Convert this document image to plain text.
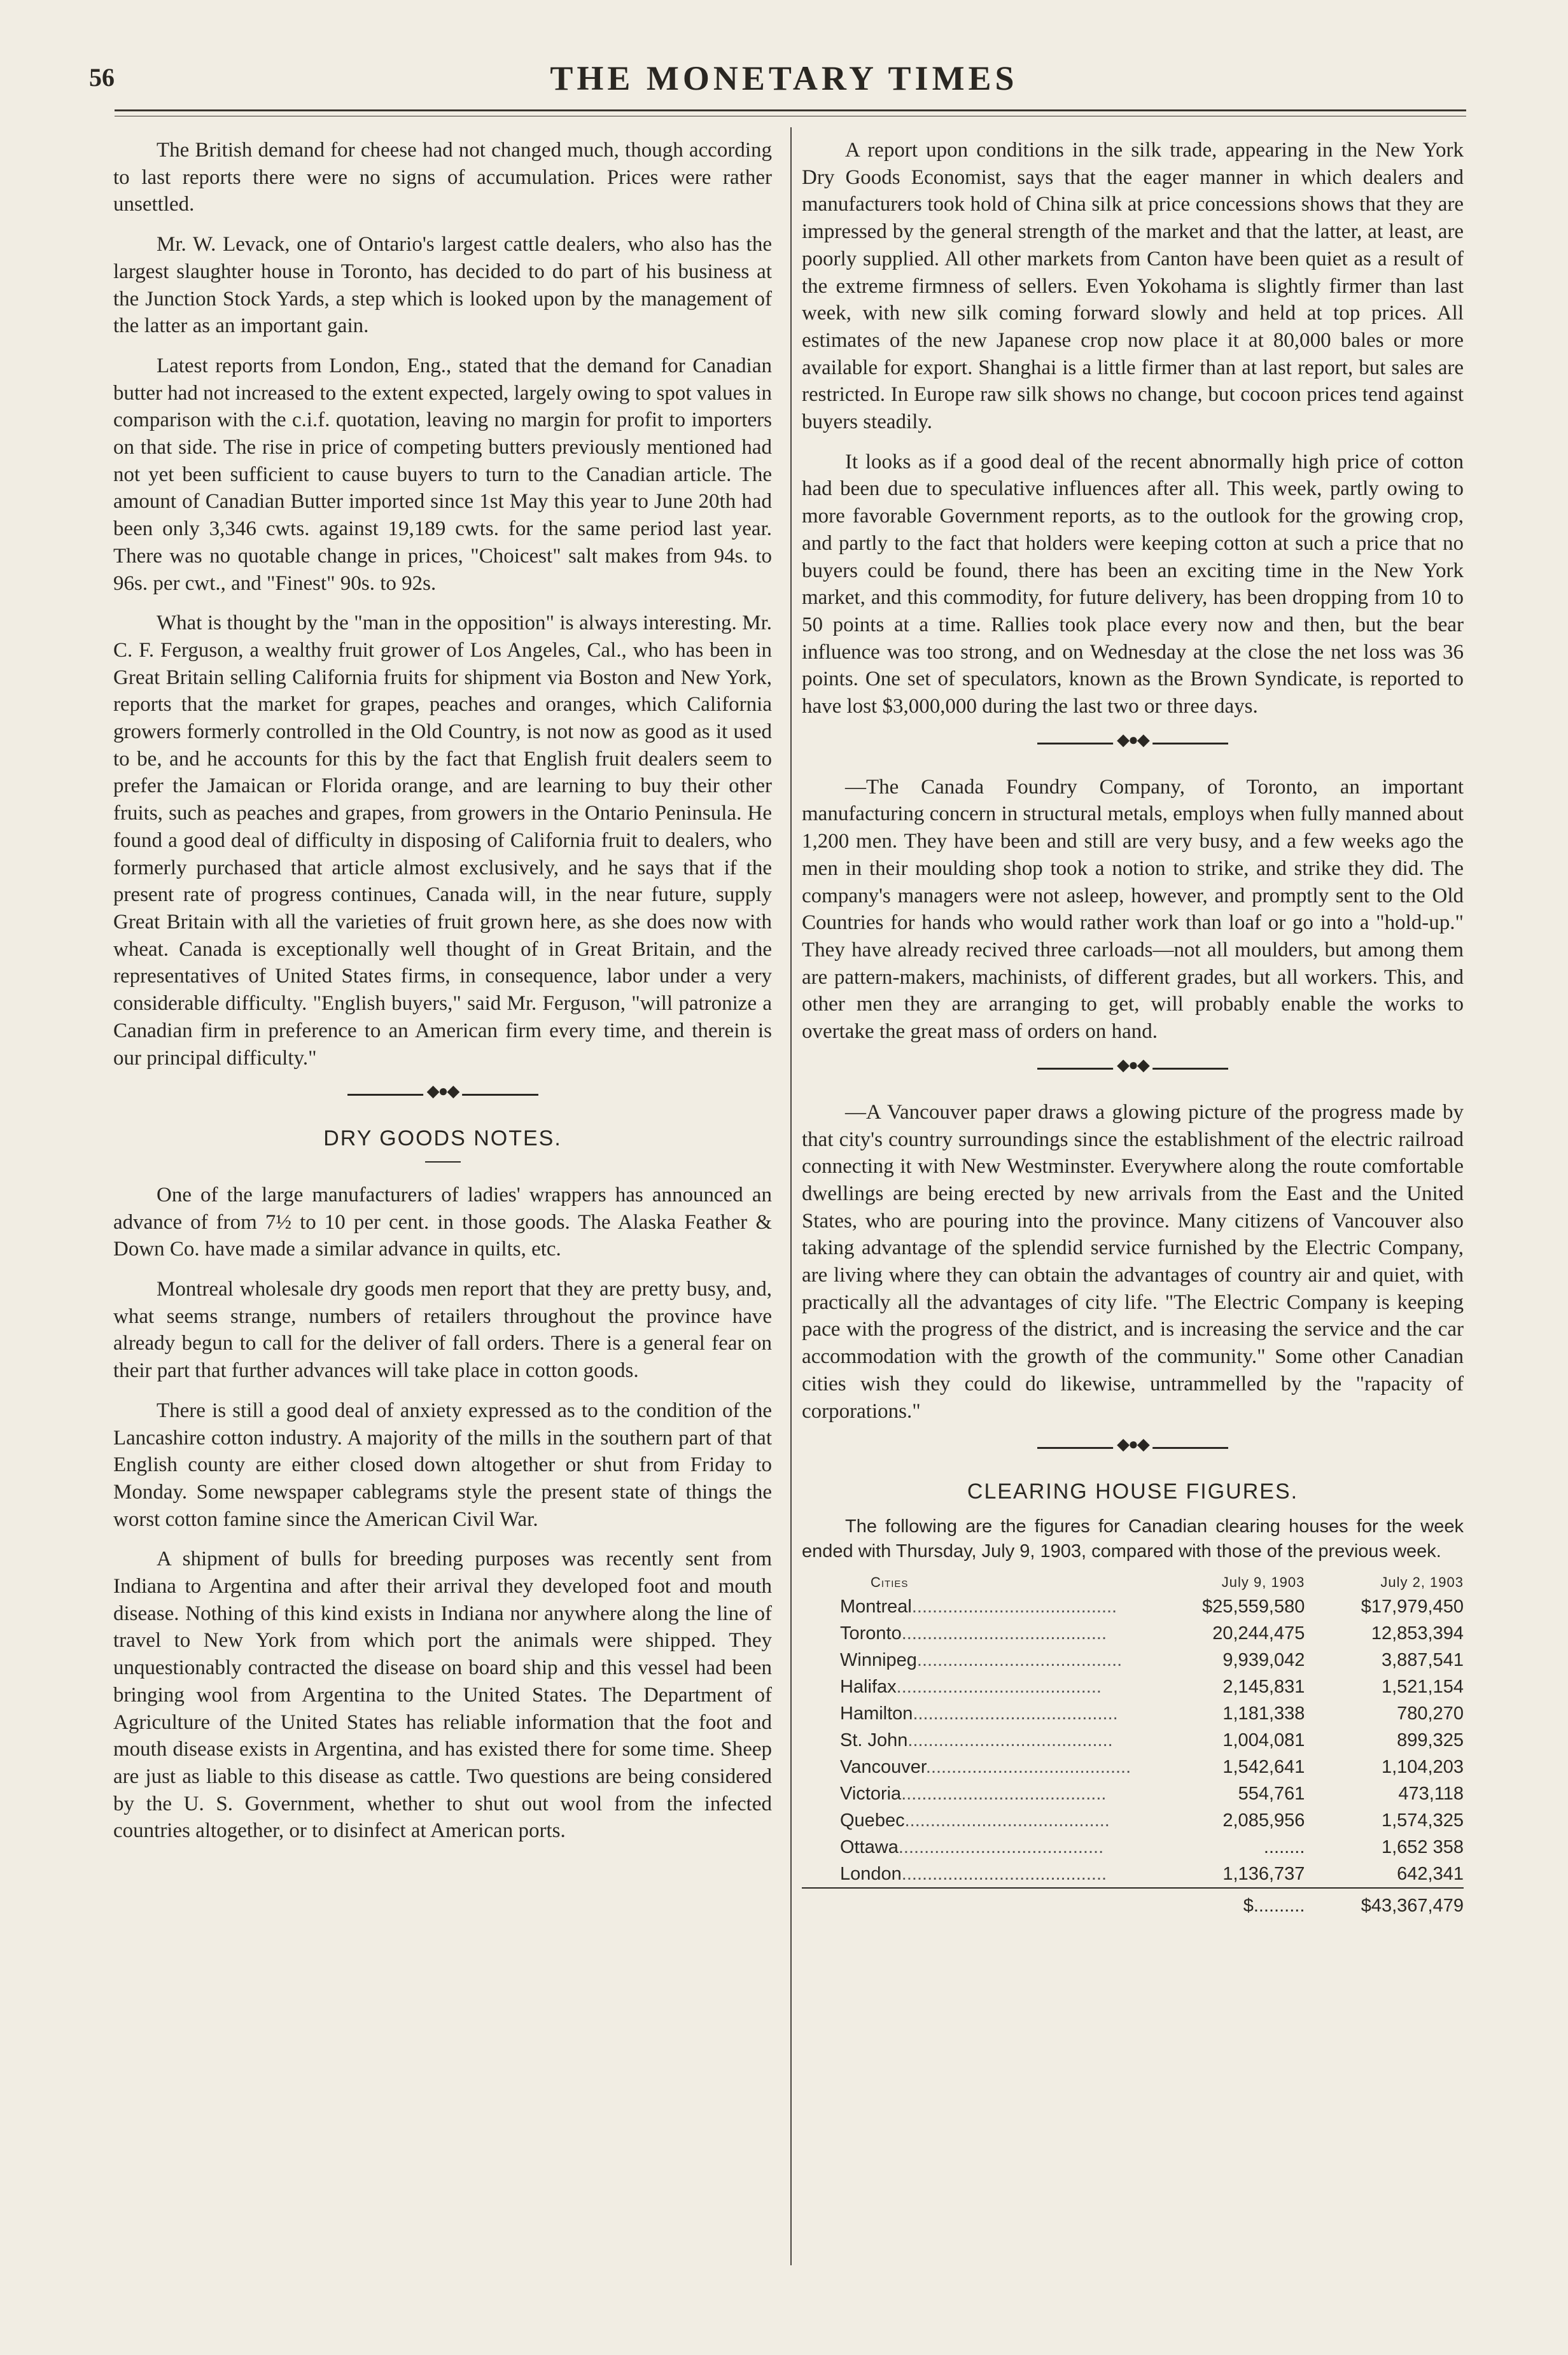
56	THE MONETARY TIMES

The British demand for cheese had not changed much, though according to last reports there were no signs of accumulation. Prices were rather unsettled.

Mr. W. Levack, one of Ontario's largest cattle dealers, who also has the largest slaughter house in Toronto, has decided to do part of his business at the Junction Stock Yards, a step which is looked upon by the management of the latter as an important gain.

Latest reports from London, Eng., stated that the demand for Canadian butter had not increased to the extent expected, largely owing to spot values in comparison with the c.i.f. quotation, leaving no margin for profit to importers on that side. The rise in price of competing butters previously mentioned had not yet been sufficient to cause buyers to turn to the Canadian article. The amount of Canadian Butter imported since 1st May this year to June 20th had been only 3,346 cwts. against 19,189 cwts. for the same period last year. There was no quotable change in prices, "Choicest" salt makes from 94s. to 96s. per cwt., and "Finest" 90s. to 92s.

What is thought by the "man in the opposition" is always interesting. Mr. C. F. Ferguson, a wealthy fruit grower of Los Angeles, Cal., who has been in Great Britain selling California fruits for shipment via Boston and New York, reports that the market for grapes, peaches and oranges, which California growers formerly controlled in the Old Country, is not now as good as it used to be, and he accounts for this by the fact that English fruit dealers seem to prefer the Jamaican or Florida orange, and are learning to buy their other fruits, such as peaches and grapes, from growers in the Ontario Peninsula. He found a good deal of difficulty in disposing of California fruit to dealers, who formerly purchased that article almost exclusively, and he says that if the present rate of progress continues, Canada will, in the near future, supply Great Britain with all the varieties of fruit grown here, as she does now with wheat. Canada is exceptionally well thought of in Great Britain, and the representatives of United States firms, in consequence, labor under a very considerable difficulty. "English buyers," said Mr. Ferguson, "will patronize a Canadian firm in preference to an American firm every time, and therein is our principal difficulty."

◆●◆
DRY GOODS NOTES.

One of the large manufacturers of ladies' wrappers has announced an advance of from 7½ to 10 per cent. in those goods. The Alaska Feather & Down Co. have made a similar advance in quilts, etc.

Montreal wholesale dry goods men report that they are pretty busy, and, what seems strange, numbers of retailers throughout the province have already begun to call for the deliver of fall orders. There is a general fear on their part that further advances will take place in cotton goods.

There is still a good deal of anxiety expressed as to the condition of the Lancashire cotton industry. A majority of the mills in the southern part of that English county are either closed down altogether or shut from Friday to Monday. Some newspaper cablegrams style the present state of things the worst cotton famine since the American Civil War.

A shipment of bulls for breeding purposes was recently sent from Indiana to Argentina and after their arrival they developed foot and mouth disease. Nothing of this kind exists in Indiana nor anywhere along the line of travel to New York from which port the animals were shipped. They unquestionably contracted the disease on board ship and this vessel had been bringing wool from Argentina to the United States. The Department of Agriculture of the United States has reliable information that the foot and mouth disease exists in Argentina, and has existed there for some time. Sheep are just as liable to this disease as cattle. Two questions are being considered by the U. S. Government, whether to shut out wool from the infected countries altogether, or to disinfect at American ports.

A report upon conditions in the silk trade, appearing in the New York Dry Goods Economist, says that the eager manner in which dealers and manufacturers took hold of China silk at price concessions shows that they are impressed by the general strength of the market and that the latter, at least, are poorly supplied. All other markets from Canton have been quiet as a result of the extreme firmness of sellers. Even Yokohama is slightly firmer than last week, with new silk coming forward slowly and held at top prices. All estimates of the new Japanese crop now place it at 80,000 bales or more available for export. Shanghai is a little firmer than at last report, but sales are restricted. In Europe raw silk shows no change, but cocoon prices tend against buyers steadily.

It looks as if a good deal of the recent abnormally high price of cotton had been due to speculative influences after all. This week, partly owing to more favorable Government reports, as to the outlook for the growing crop, and partly to the fact that holders were keeping cotton at such a price that no buyers could be found, there has been an exciting time in the New York market, and this commodity, for future delivery, has been dropping from 10 to 50 points at a time. Rallies took place every now and then, but the bear influence was too strong, and on Wednesday at the close the net loss was 36 points. One set of speculators, known as the Brown Syndicate, is reported to have lost $3,000,000 during the last two or three days.

◆●◆

—The Canada Foundry Company, of Toronto, an important manufacturing concern in structural metals, employs when fully manned about 1,200 men. They have been and still are very busy, and a few weeks ago the men in their moulding shop took a notion to strike, and strike they did. The company's managers were not asleep, however, and promptly sent to the Old Countries for hands who would rather work than loaf or go into a "hold-up." They have already recived three carloads—not all moulders, but among them are pattern-makers, machinists, of different grades, but all workers. This, and other men they are arranging to get, will probably enable the works to overtake the great mass of orders on hand.

◆●◆

—A Vancouver paper draws a glowing picture of the progress made by that city's country surroundings since the establishment of the electric railroad connecting it with New Westminster. Everywhere along the route comfortable dwellings are being erected by new arrivals from the East and the United States, who are pouring into the province. Many citizens of Vancouver also taking advantage of the splendid service furnished by the Electric Company, are living where they can obtain the advantages of country air and quiet, with practically all the advantages of city life. "The Electric Company is keeping pace with the progress of the district, and is increasing the service and the car accommodation with the growth of the community." Some other Canadian cities wish they could do likewise, untrammelled by the "rapacity of corporations."

◆●◆
CLEARING HOUSE FIGURES.

The following are the figures for Canadian clearing houses for the week ended with Thursday, July 9, 1903, compared with those of the previous week.

Cities	July 9, 1903	July 2, 1903
Montreal........................................	$25,559,580	$17,979,450
Toronto........................................	20,244,475	12,853,394
Winnipeg........................................	9,939,042	3,887,541
Halifax........................................	2,145,831	1,521,154
Hamilton........................................	1,181,338	780,270
St. John........................................	1,004,081	899,325
Vancouver........................................	1,542,641	1,104,203
Victoria........................................	554,761	473,118
Quebec........................................	2,085,956	1,574,325
Ottawa........................................	........	1,652 358
London........................................	1,136,737	642,341
	$..........	$43,367,479
